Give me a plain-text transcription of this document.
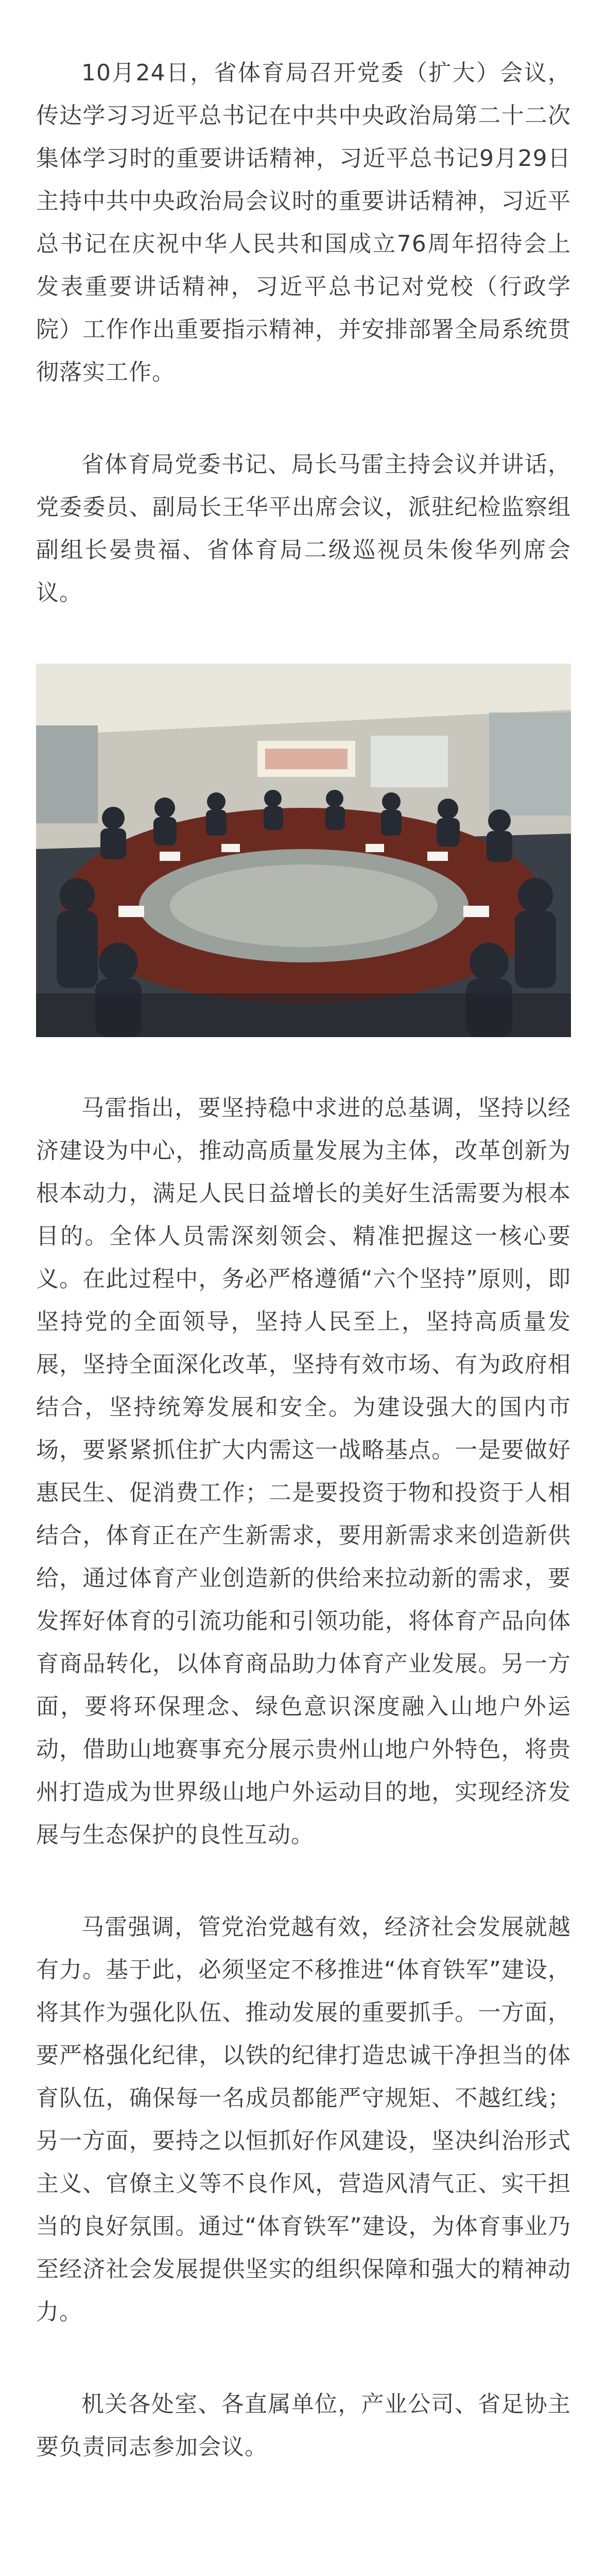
10月24日，省体育局召开党委（扩大）会议，传达学习习近平总书记在中共中央政治局第二十二次集体学习时的重要讲话精神，习近平总书记9月29日主持中共中央政治局会议时的重要讲话精神，习近平总书记在庆祝中华人民共和国成立76周年招待会上发表重要讲话精神，习近平总书记对党校（行政学院）工作作出重要指示精神，并安排部署全局系统贯彻落实工作。

省体育局党委书记、局长马雷主持会议并讲话，党委委员、副局长王华平出席会议，派驻纪检监察组副组长晏贵福、省体育局二级巡视员朱俊华列席会议。

马雷指出，要坚持稳中求进的总基调，坚持以经济建设为中心，推动高质量发展为主体，改革创新为根本动力，满足人民日益增长的美好生活需要为根本目的。全体人员需深刻领会、精准把握这一核心要义。在此过程中，务必严格遵循“六个坚持”原则，即坚持党的全面领导，坚持人民至上，坚持高质量发展，坚持全面深化改革，坚持有效市场、有为政府相结合，坚持统筹发展和安全。为建设强大的国内市场，要紧紧抓住扩大内需这一战略基点。一是要做好惠民生、促消费工作；二是要投资于物和投资于人相结合，体育正在产生新需求，要用新需求来创造新供给，通过体育产业创造新的供给来拉动新的需求，要发挥好体育的引流功能和引领功能，将体育产品向体育商品转化，以体育商品助力体育产业发展。另一方面，要将环保理念、绿色意识深度融入山地户外运动，借助山地赛事充分展示贵州山地户外特色，将贵州打造成为世界级山地户外运动目的地，实现经济发展与生态保护的良性互动。

马雷强调，管党治党越有效，经济社会发展就越有力。基于此，必须坚定不移推进“体育铁军”建设，将其作为强化队伍、推动发展的重要抓手。一方面，要严格强化纪律，以铁的纪律打造忠诚干净担当的体育队伍，确保每一名成员都能严守规矩、不越红线；另一方面，要持之以恒抓好作风建设，坚决纠治形式主义、官僚主义等不良作风，营造风清气正、实干担当的良好氛围。通过“体育铁军”建设，为体育事业乃至经济社会发展提供坚实的组织保障和强大的精神动力。

机关各处室、各直属单位，产业公司、省足协主要负责同志参加会议。
